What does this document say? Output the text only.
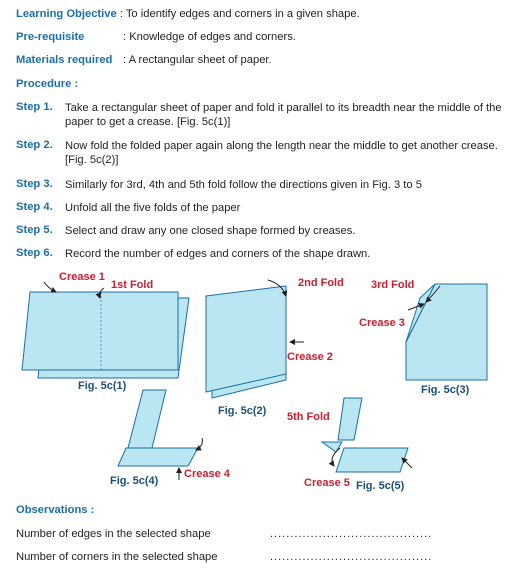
Learning Objective : To identify edges and corners in a given shape.
Pre-requisite	: Knowledge of edges and corners.
Materials required : A rectangular sheet of paper.
Procedure :
Step 1. Take a rectangular sheet of paper and fold it parallel to its breadth near the middle of the paper to get a crease. [Fig. 5c(1)]
Step 2. Now fold the folded paper again along the length near the middle to get another crease. [Fig. 5c(2)]
Step 3. Similarly for 3rd, 4th and 5th fold follow the directions given in Fig. 3 to 5
Step 4. Unfold all the five folds of the paper
Step 5. Select and draw any one closed shape formed by creases.
Step 6. Record the number of edges and corners of the shape drawn.
Crease 1
1st Fold	2nd Fold 3rd Fold
Crease 2
Crease 3
Crease 4
5th Fold
Crease 5
Fig. 5c(1)
Fig. 5c(2)
Fig. 5c(3)
Fig. 5c(4)	Fig. 5c(5)
Observations :
Number of edges in the selected shape	........................................
Number of corners in the selected shape	........................................
